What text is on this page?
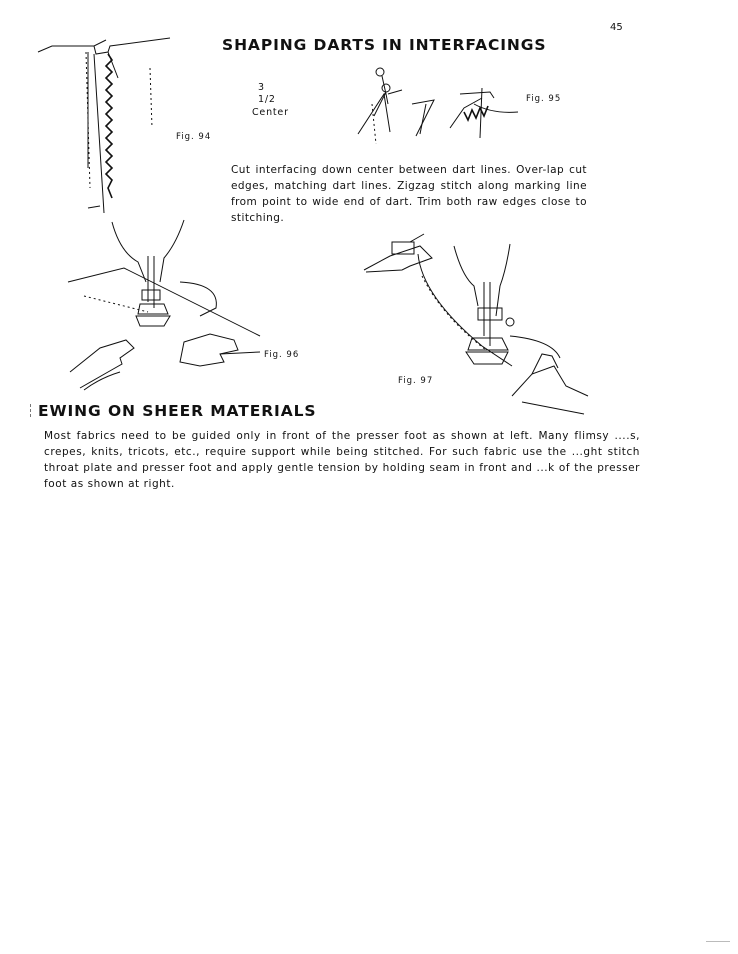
45
SHAPING DARTS IN INTERFACINGS
Fig. 94
3
1/2
Center
Fig. 95
Cut interfacing down center between dart lines. Over-lap cut edges, matching dart lines. Zigzag stitch along marking line from point to wide end of dart. Trim both raw edges close to stitching.
Fig. 96
Fig. 97
EWING ON SHEER MATERIALS
Most fabrics need to be guided only in front of the presser foot as shown at left. Many flimsy ....s, crepes, knits, tricots, etc., require support while being stitched. For such fabric use the ...ght stitch throat plate and presser foot and apply gentle tension by holding seam in front and ...k of the presser foot as shown at right.
